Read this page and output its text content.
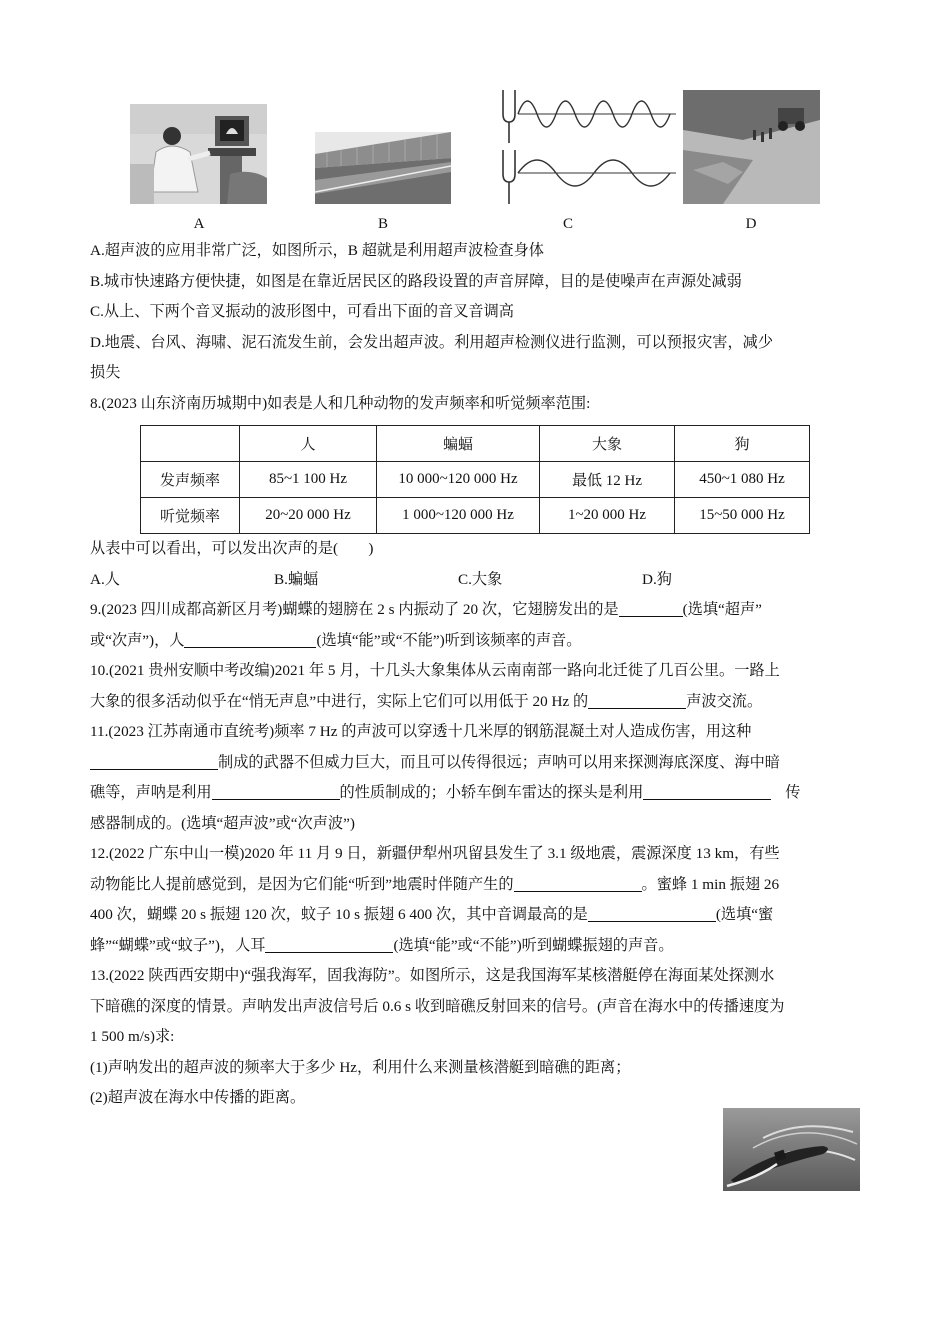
A	B	C	D
A.超声波的应用非常广泛，如图所示，B 超就是利用超声波检查身体
B.城市快速路方便快捷，如图是在靠近居民区的路段设置的声音屏障，目的是使噪声在声源处减弱
C.从上、下两个音叉振动的波形图中，可看出下面的音叉音调高
D.地震、台风、海啸、泥石流发生前，会发出超声波。利用超声检测仪进行监测，可以预报灾害，减少
损失
8.(2023 山东济南历城期中)如表是人和几种动物的发声频率和听觉频率范围:
	人	蝙蝠	大象	狗
发声频率	85~1 100 Hz	10 000~120 000 Hz	最低 12 Hz	450~1 080 Hz
听觉频率	20~20 000 Hz	1 000~120 000 Hz	1~20 000 Hz	15~50 000 Hz
从表中可以看出，可以发出次声的是(　　)
A.人	B.蝙蝠	C.大象	D.狗
9.(2023 四川成都高新区月考)蝴蝶的翅膀在 2 s 内振动了 20 次，它翅膀发出的是	(选填“超声”
或“次声”)，人	(选填“能”或“不能”)听到该频率的声音。
10.(2021 贵州安顺中考改编)2021 年 5 月，十几头大象集体从云南南部一路向北迁徙了几百公里。一路上
大象的很多活动似乎在“悄无声息”中进行，实际上它们可以用低于 20 Hz 的	声波交流。
11.(2023 江苏南通市直统考)频率 7 Hz 的声波可以穿透十几米厚的钢筋混凝土对人造成伤害，用这种
制成的武器不但威力巨大，而且可以传得很远；声呐可以用来探测海底深度、海中暗
礁等，声呐是利用	的性质制成的；小轿车倒车雷达的探头是利用	传
感器制成的。(选填“超声波”或“次声波”)
12.(2022 广东中山一模)2020 年 11 月 9 日，新疆伊犁州巩留县发生了 3.1 级地震，震源深度 13 km，有些
动物能比人提前感觉到，是因为它们能“听到”地震时伴随产生的	。蜜蜂 1 min 振翅 26
400 次，蝴蝶 20 s 振翅 120 次，蚊子 10 s 振翅 6 400 次，其中音调最高的是	(选填“蜜
蜂”“蝴蝶”或“蚊子”)，人耳	(选填“能”或“不能”)听到蝴蝶振翅的声音。
13.(2022 陕西西安期中)“强我海军，固我海防”。如图所示，这是我国海军某核潜艇停在海面某处探测水
下暗礁的深度的情景。声呐发出声波信号后 0.6 s 收到暗礁反射回来的信号。(声音在海水中的传播速度为
1 500 m/s)求:
(1)声呐发出的超声波的频率大于多少 Hz，利用什么来测量核潜艇到暗礁的距离；
(2)超声波在海水中传播的距离。
